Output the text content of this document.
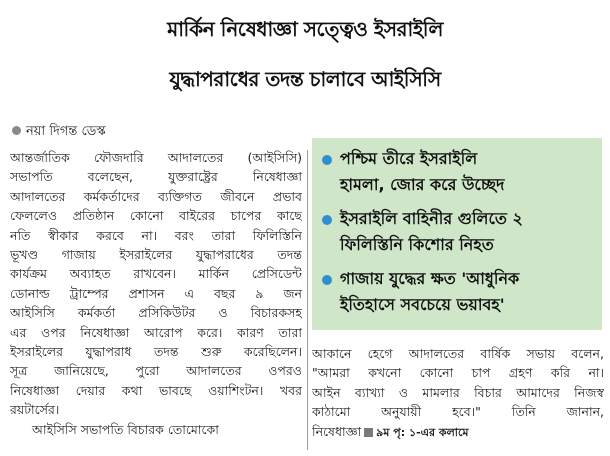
মার্কিন নিষেধাজ্ঞা সত্ত্বেও ইসরাইলি
যুদ্ধাপরাধের তদন্ত চালাবে আইসিসি
নয়া দিগন্ত ডেস্ক
আন্তর্জাতিক ফৌজদারি আদালতের (আইসিসি)
সভাপতি বলেছেন, যুক্তরাষ্ট্রের নিষেধাজ্ঞা
আদালতের কর্মকর্তাদের ব্যক্তিগত জীবনে প্রভাব
ফেললেও প্রতিষ্ঠান কোনো বাইরের চাপের কাছে
নতি স্বীকার করবে না। বরং তারা ফিলিস্তিনি
ভূখণ্ড গাজায় ইসরাইলের যুদ্ধাপরাধের তদন্ত
কার্যক্রম অব্যাহত রাখবেন। মার্কিন প্রেসিডেন্ট
ডোনাল্ড ট্রাম্পের প্রশাসন এ বছর ৯ জন
আইসিসি কর্মকর্তা প্রসিকিউটর ও বিচারকসহ
এর ওপর নিষেধাজ্ঞা আরোপ করে। কারণ তারা
ইসরাইলের যুদ্ধাপরাধ তদন্ত শুরু করেছিলেন।
সূত্র জানিয়েছে, পুরো আদালতের ওপরও
নিষেধাজ্ঞা দেয়ার কথা ভাবছে ওয়াশিংটন। খবর
রয়টার্সের।
আইসিসি সভাপতি বিচারক তোমোকো
পশ্চিম তীরে ইসরাইলি
হামলা, জোর করে উচ্ছেদ
ইসরাইলি বাহিনীর গুলিতে ২
ফিলিস্তিনি কিশোর নিহত
গাজায় যুদ্ধের ক্ষত 'আধুনিক
ইতিহাসে সবচেয়ে ভয়াবহ'
আকানে হেগে আদালতের বার্ষিক সভায় বলেন,
"আমরা কখনো কোনো চাপ গ্রহণ করি না।
আইন ব্যাখ্যা ও মামলার বিচার আমাদের নিজস্ব
কাঠামো অনুযায়ী হবে।" তিনি জানান,
নিষেধাজ্ঞা ৯ম পৃ: ১-এর কলামে
